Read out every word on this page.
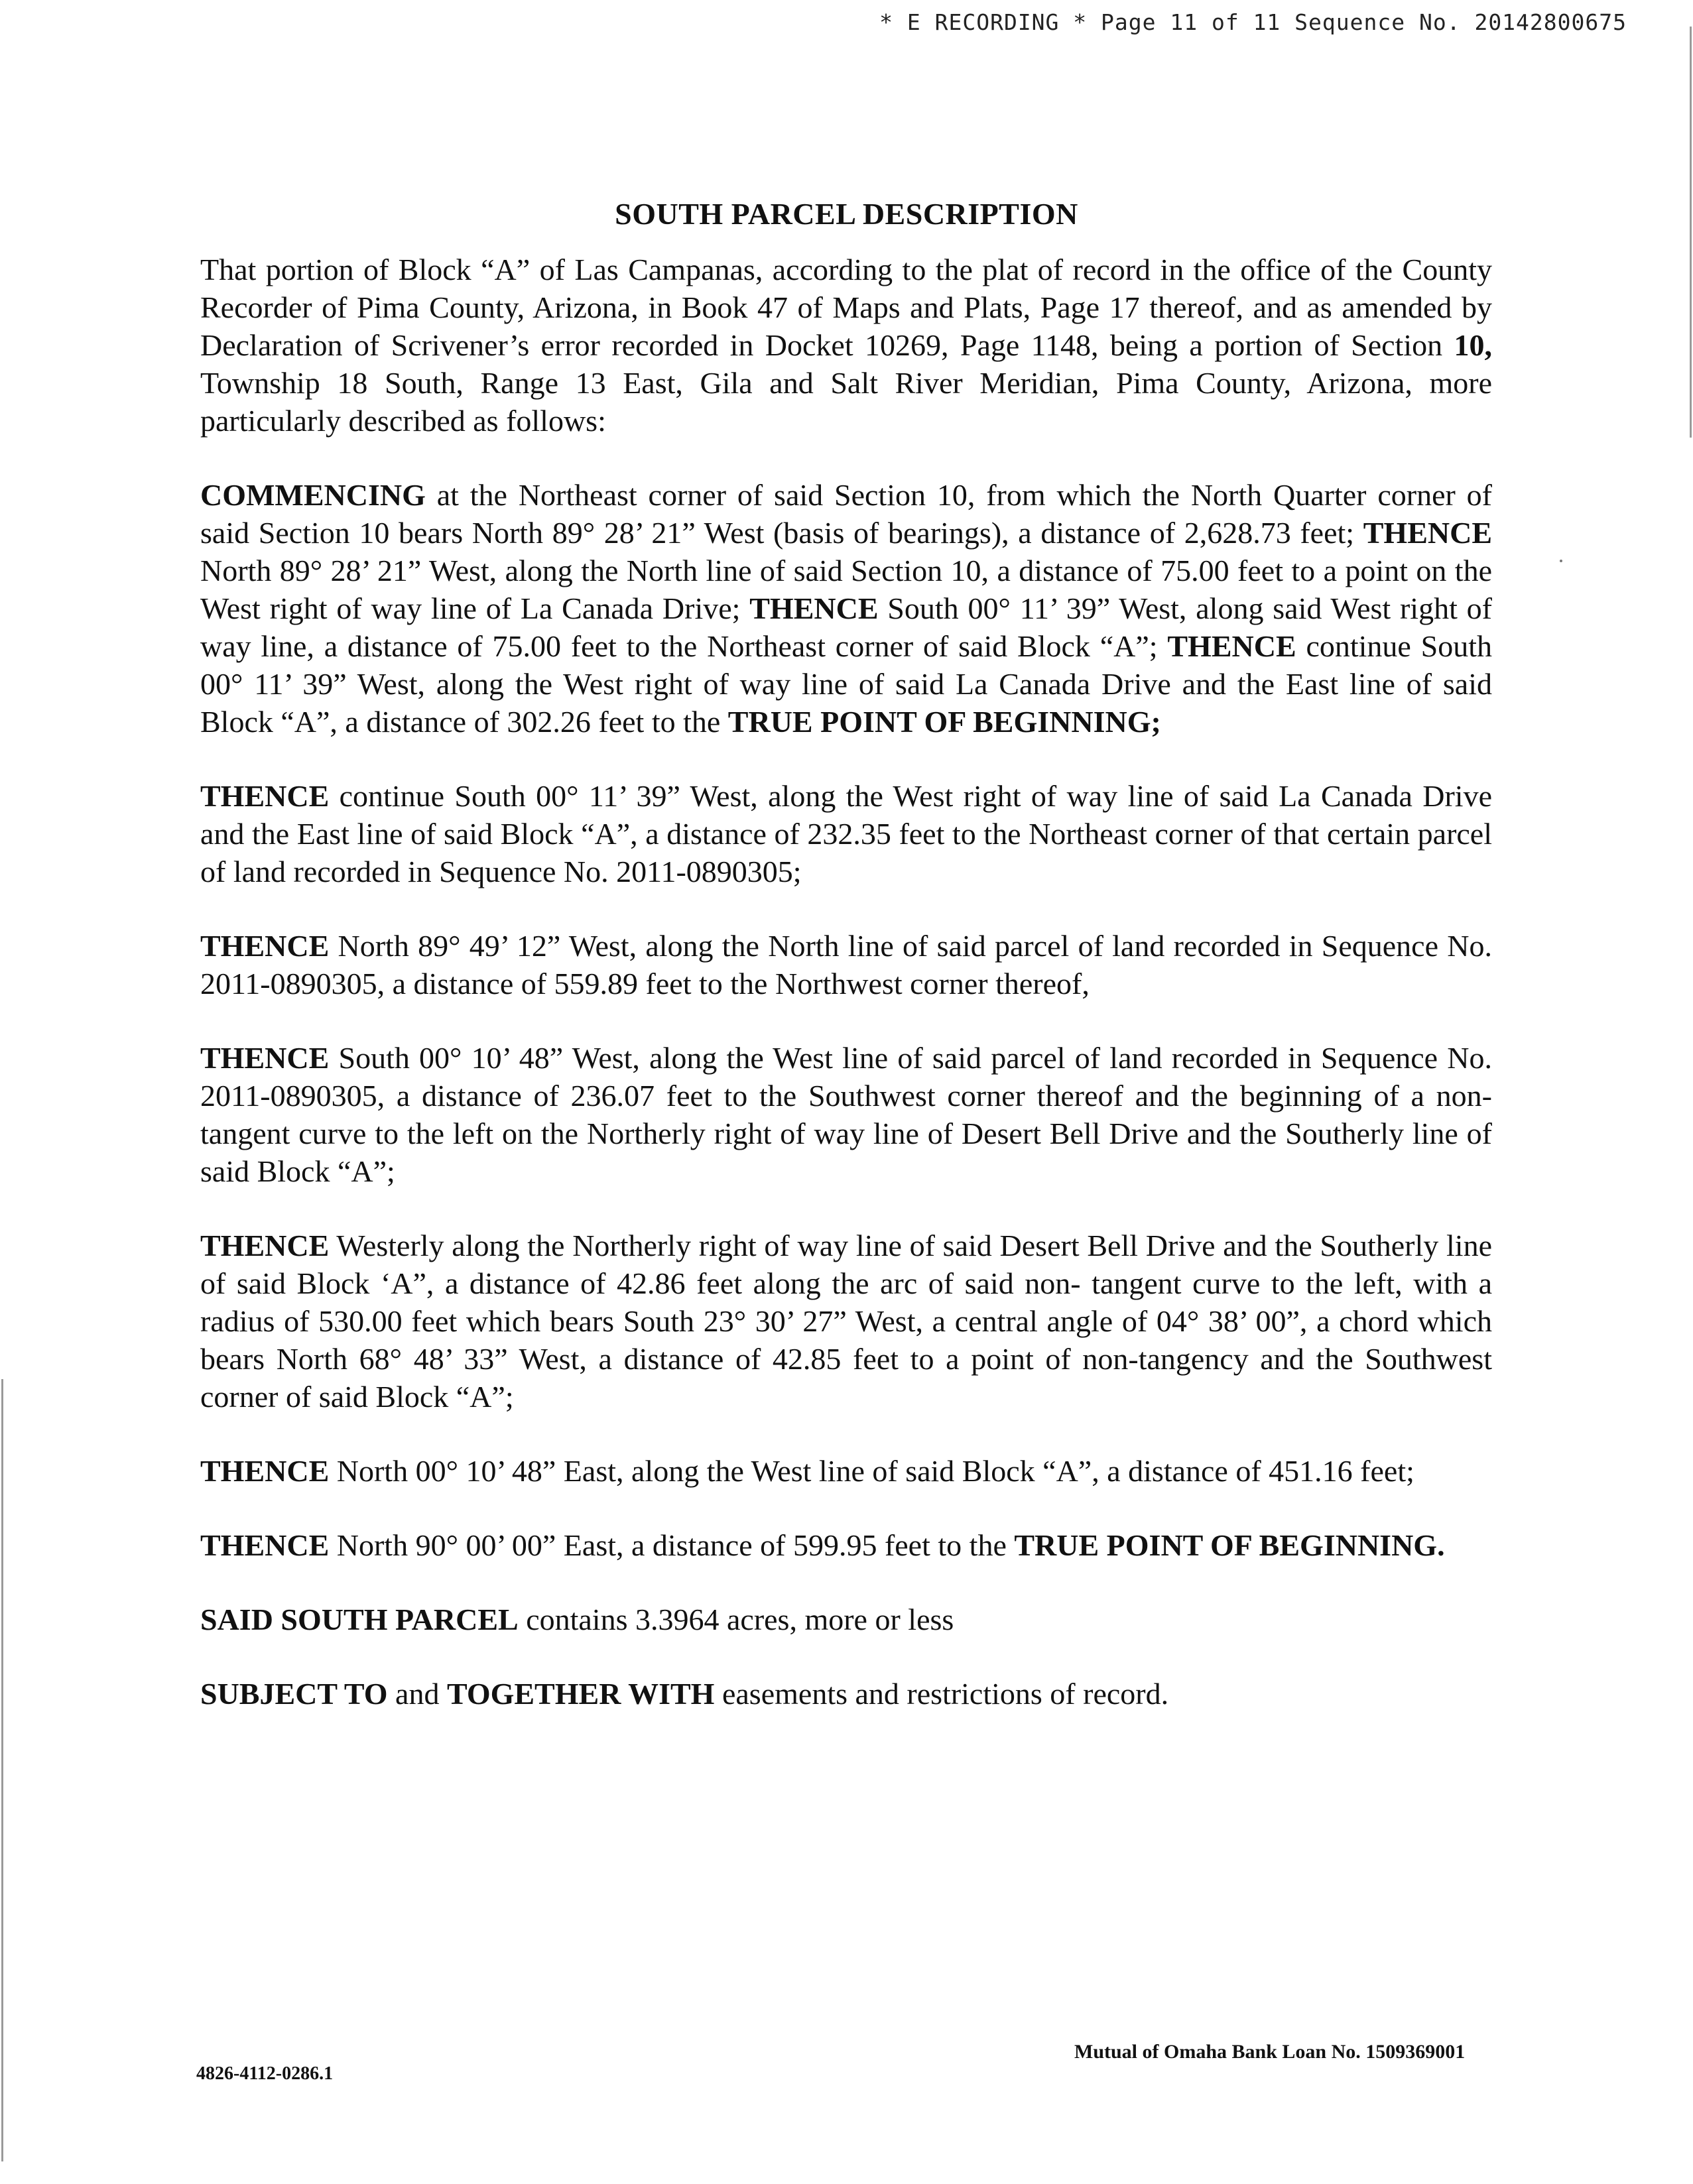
* E RECORDING * Page 11 of 11 Sequence No. 20142800675
SOUTH PARCEL DESCRIPTION

That portion of Block “A” of Las Campanas, according to the plat of record in the office of the County Recorder of Pima County, Arizona, in Book 47 of Maps and Plats, Page 17 thereof, and as amended by Declaration of Scrivener’s error recorded in Docket 10269, Page 1148, being a portion of Section 10, Township 18 South, Range 13 East, Gila and Salt River Meridian, Pima County, Arizona, more particularly described as follows:

COMMENCING at the Northeast corner of said Section 10, from which the North Quarter corner of said Section 10 bears North 89° 28’ 21” West (basis of bearings), a distance of 2,628.73 feet; THENCE North 89° 28’ 21” West, along the North line of said Section 10, a distance of 75.00 feet to a point on the West right of way line of La Canada Drive; THENCE South 00° 11’ 39” West, along said West right of way line, a distance of 75.00 feet to the Northeast corner of said Block “A”; THENCE continue South 00° 11’ 39” West, along the West right of way line of said La Canada Drive and the East line of said Block “A”, a distance of 302.26 feet to the TRUE POINT OF BEGINNING;

THENCE continue South 00° 11’ 39” West, along the West right of way line of said La Canada Drive and the East line of said Block “A”, a distance of 232.35 feet to the Northeast corner of that certain parcel of land recorded in Sequence No. 2011-0890305;

THENCE North 89° 49’ 12” West, along the North line of said parcel of land recorded in Sequence No. 2011-0890305, a distance of 559.89 feet to the Northwest corner thereof,

THENCE South 00° 10’ 48” West, along the West line of said parcel of land recorded in Sequence No. 2011-0890305, a distance of 236.07 feet to the Southwest corner thereof and the beginning of a non-tangent curve to the left on the Northerly right of way line of Desert Bell Drive and the Southerly line of said Block “A”;

THENCE Westerly along the Northerly right of way line of said Desert Bell Drive and the Southerly line of said Block ‘A”, a distance of 42.86 feet along the arc of said non- tangent curve to the left, with a radius of 530.00 feet which bears South 23° 30’ 27” West, a central angle of 04° 38’ 00”, a chord which bears North 68° 48’ 33” West, a distance of 42.85 feet to a point of non-tangency and the Southwest corner of said Block “A”;

THENCE North 00° 10’ 48” East, along the West line of said Block “A”, a distance of 451.16 feet;

THENCE North 90° 00’ 00” East, a distance of 599.95 feet to the TRUE POINT OF BEGINNING.

SAID SOUTH PARCEL contains 3.3964 acres, more or less

SUBJECT TO and TOGETHER WITH easements and restrictions of record.

Mutual of Omaha Bank Loan No. 1509369001
4826-4112-0286.1
